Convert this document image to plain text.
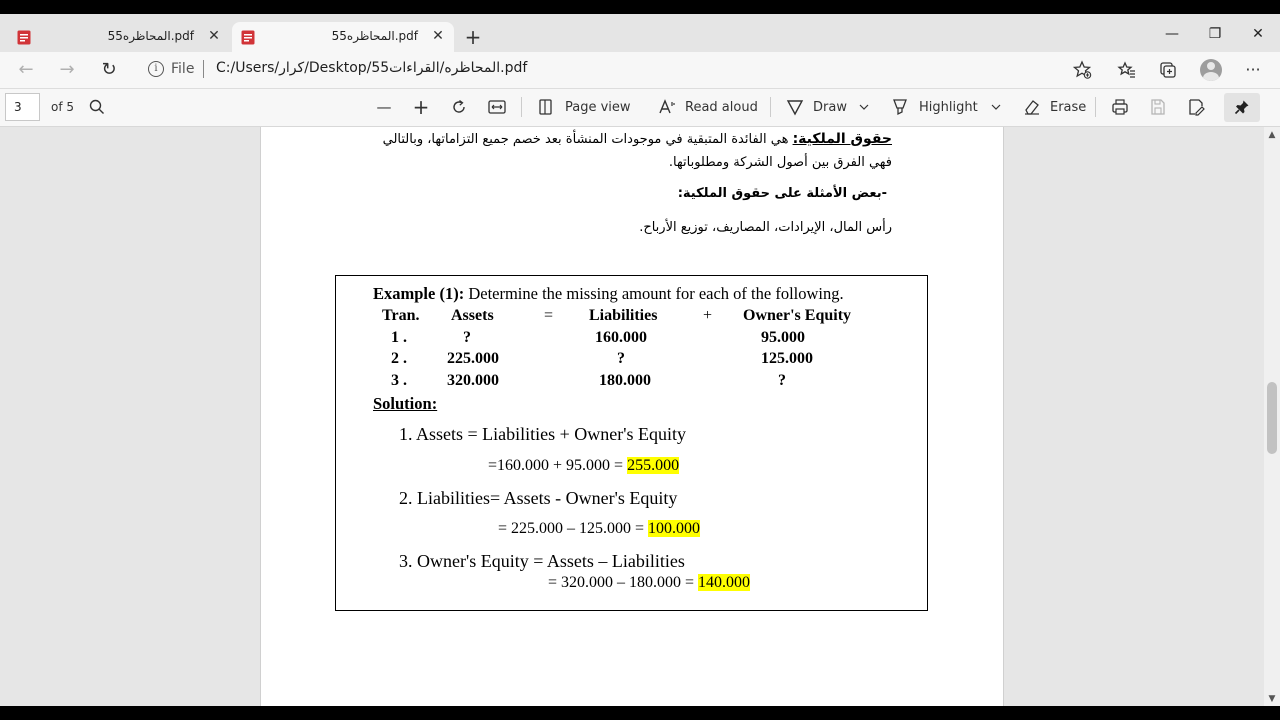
المحاظره55.pdf ✕	المحاظره55.pdf ✕ +	—	❐	✕
← → ↻	i File C:/Users/كرار/Desktop/55المحاظره/القراءات.pdf	···
3	of 5	— +	Page view	Read aloud	Draw	Highlight	Erase
حقوق الملكية: هي الفائدة المتبقية في موجودات المنشأة بعد خصم جميع التزاماتها، وبالتالي
فهي الفرق بين أصول الشركة ومطلوباتها.
-بعض الأمثلة على حقوق الملكية:
رأس المال، الإيرادات، المصاريف، توزيع الأرباح.
Example (1): Determine the missing amount for each of the following.
Tran. Assets	= Liabilities	+ Owner's Equity
1 .	?	160.000	95.000
2 .	225.000	?	125.000
3 .	320.000	180.000	?
Solution:
1. Assets = Liabilities + Owner's Equity
=160.000 + 95.000 = 255.000
2. Liabilities= Assets - Owner's Equity
= 225.000 – 125.000 = 100.000
3. Owner's Equity = Assets – Liabilities
= 320.000 – 180.000 = 140.000
▲
▼
